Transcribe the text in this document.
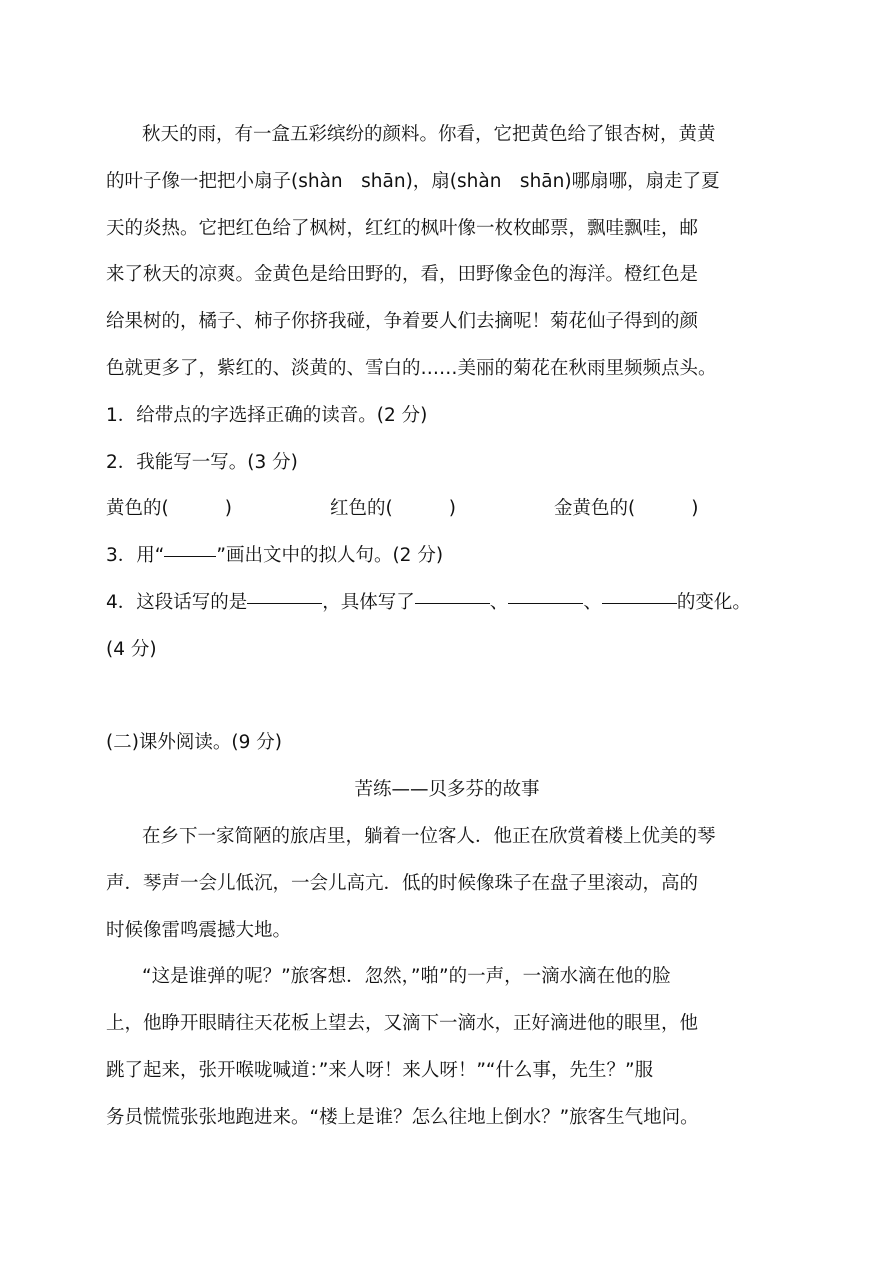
秋天的雨，有一盒五彩缤纷的颜料。你看，它把黄色给了银杏树，黄黄
的叶子像一把把小扇子(shàn　shān)，扇(shàn　shān)哪扇哪，扇走了夏
天的炎热。它把红色给了枫树，红红的枫叶像一枚枚邮票，飘哇飘哇，邮
来了秋天的凉爽。金黄色是给田野的，看，田野像金色的海洋。橙红色是
给果树的，橘子、柿子你挤我碰，争着要人们去摘呢！菊花仙子得到的颜
色就更多了，紫红的、淡黄的、雪白的……美丽的菊花在秋雨里频频点头。
1．给带点的字选择正确的读音。(2 分)
2．我能写一写。(3 分)
黄色的(	)	红色的(	)	金黄色的(	)
3．用“	”画出文中的拟人句。(2 分)
4．这段话写的是	，具体写了	、	、	的变化。
(4 分)
(二)课外阅读。(9 分)
苦练——贝多芬的故事
在乡下一家简陋的旅店里，躺着一位客人．他正在欣赏着楼上优美的琴
声．琴声一会儿低沉，一会儿高亢．低的时候像珠子在盘子里滚动，高的
时候像雷鸣震撼大地。
“这是谁弹的呢？”旅客想．忽然，”啪”的一声，一滴水滴在他的脸
上，他睁开眼睛往天花板上望去，又滴下一滴水，正好滴进他的眼里，他
跳了起来，张开喉咙喊道：”来人呀！来人呀！”“什么事，先生？”服
务员慌慌张张地跑进来。“楼上是谁？怎么往地上倒水？”旅客生气地问。
